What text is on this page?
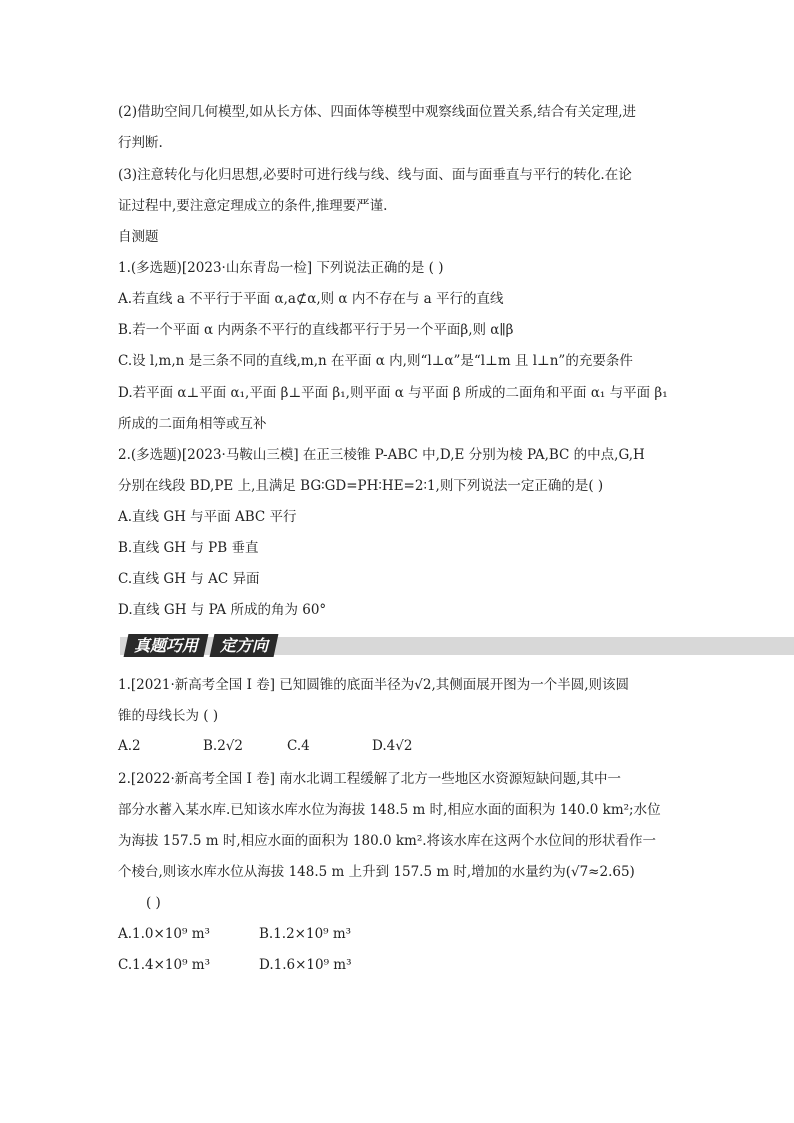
(2)借助空间几何模型,如从长方体、四面体等模型中观察线面位置关系,结合有关定理,进
行判断.
(3)注意转化与化归思想,必要时可进行线与线、线与面、面与面垂直与平行的转化.在论
证过程中,要注意定理成立的条件,推理要严谨.
自测题
1.(多选题)[2023·山东青岛一检] 下列说法正确的是 ( )
A.若直线 a 不平行于平面 α,a⊄α,则 α 内不存在与 a 平行的直线
B.若一个平面 α 内两条不平行的直线都平行于另一个平面β,则 α∥β
C.设 l,m,n 是三条不同的直线,m,n 在平面 α 内,则“l⊥α”是“l⊥m 且 l⊥n”的充要条件
D.若平面 α⊥平面 α₁,平面 β⊥平面 β₁,则平面 α 与平面 β 所成的二面角和平面 α₁ 与平面 β₁
所成的二面角相等或互补
2.(多选题)[2023·马鞍山三模] 在正三棱锥 P-ABC 中,D,E 分别为棱 PA,BC 的中点,G,H
分别在线段 BD,PE 上,且满足 BG∶GD=PH∶HE=2∶1,则下列说法一定正确的是( )
A.直线 GH 与平面 ABC 平行
B.直线 GH 与 PB 垂直
C.直线 GH 与 AC 异面
D.直线 GH 与 PA 所成的角为 60°
真题巧用	定方向
1.[2021·新高考全国 Ⅰ 卷] 已知圆锥的底面半径为√2,其侧面展开图为一个半圆,则该圆
锥的母线长为 ( )
A.2	B.2√2	C.4	D.4√2
2.[2022·新高考全国 Ⅰ 卷] 南水北调工程缓解了北方一些地区水资源短缺问题,其中一
部分水蓄入某水库.已知该水库水位为海拔 148.5 m 时,相应水面的面积为 140.0 km²;水位
为海拔 157.5 m 时,相应水面的面积为 180.0 km².将该水库在这两个水位间的形状看作一
个棱台,则该水库水位从海拔 148.5 m 上升到 157.5 m 时,增加的水量约为(√7≈2.65)
( )
A.1.0×10⁹ m³	B.1.2×10⁹ m³
C.1.4×10⁹ m³	D.1.6×10⁹ m³
